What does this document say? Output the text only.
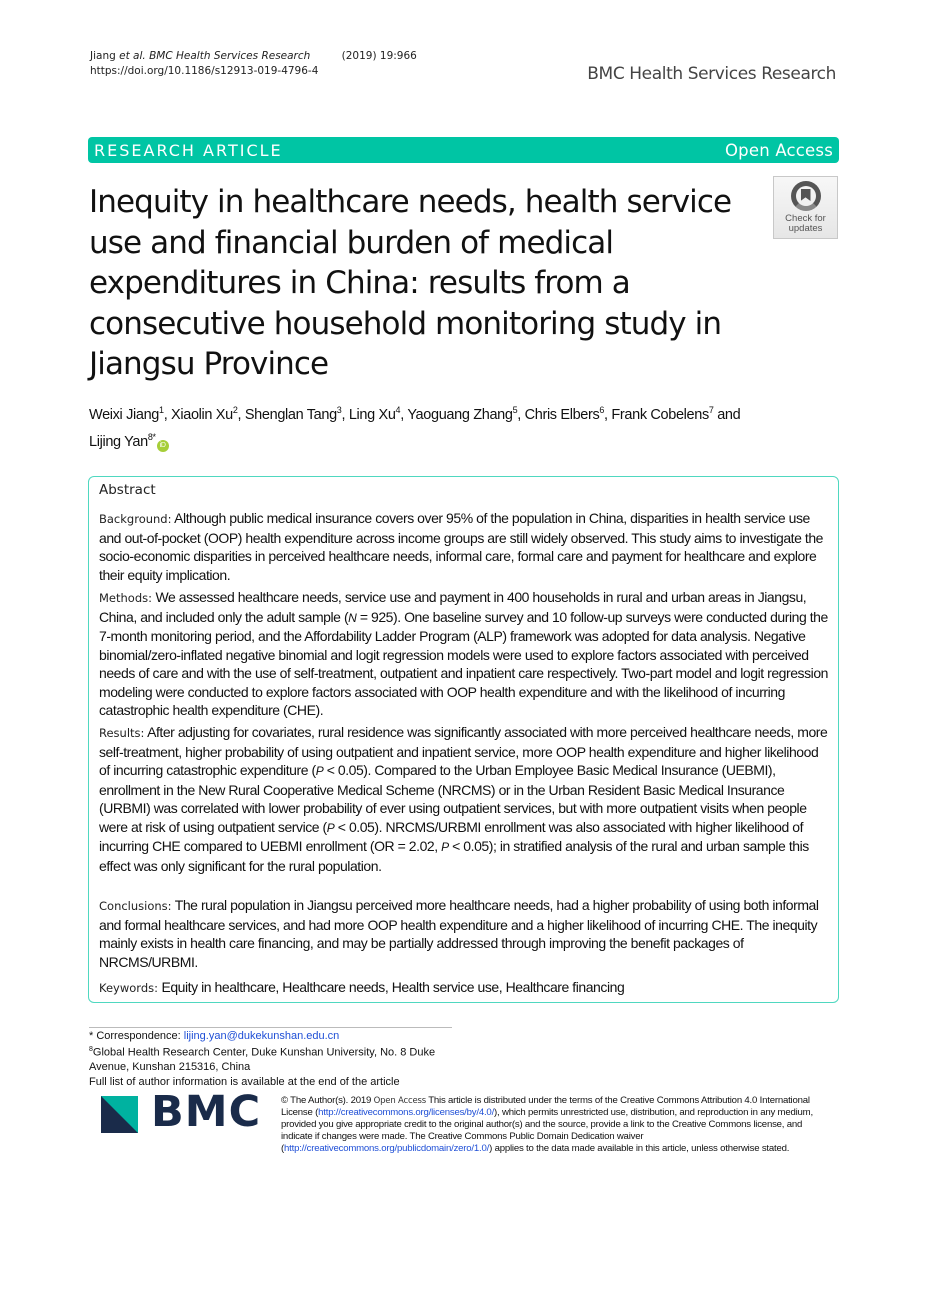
Jiang et al. BMC Health Services Research	(2019) 19:966
https://doi.org/10.1186/s12913-019-4796-4	BMC Health Services Research
RESEARCH ARTICLE	Open Access
Inequity in healthcare needs, health service use and financial burden of medical expenditures in China: results from a consecutive household monitoring study in Jiangsu Province
Check for
updates
Weixi Jiang$^1$, Xiaolin Xu$^2$, Shenglan Tang$^3$, Ling Xu$^4$, Yaoguang Zhang$^5$, Chris Elbers$^6$, Frank Cobelens$^7$ and
Lijing Yan$^{8*}$iD
Abstract
Background: Although public medical insurance covers over 95% of the population in China, disparities in health service use and out-of-pocket (OOP) health expenditure across income groups are still widely observed. This study aims to investigate the socio-economic disparities in perceived healthcare needs, informal care, formal care and payment for healthcare and explore their equity implication.
Methods: We assessed healthcare needs, service use and payment in 400 households in rural and urban areas in Jiangsu, China, and included only the adult sample (N = 925). One baseline survey and 10 follow-up surveys were conducted during the 7-month monitoring period, and the Affordability Ladder Program (ALP) framework was adopted for data analysis. Negative binomial/zero-inflated negative binomial and logit regression models were used to explore factors associated with perceived needs of care and with the use of self-treatment, outpatient and inpatient care respectively. Two-part model and logit regression modeling were conducted to explore factors associated with OOP health expenditure and with the likelihood of incurring catastrophic health expenditure (CHE).
Results: After adjusting for covariates, rural residence was significantly associated with more perceived healthcare needs, more self-treatment, higher probability of using outpatient and inpatient service, more OOP health expenditure and higher likelihood of incurring catastrophic expenditure (P < 0.05). Compared to the Urban Employee Basic Medical Insurance (UEBMI), enrollment in the New Rural Cooperative Medical Scheme (NRCMS) or in the Urban Resident Basic Medical Insurance (URBMI) was correlated with lower probability of ever using outpatient services, but with more outpatient visits when people were at risk of using outpatient service (P < 0.05). NRCMS/URBMI enrollment was also associated with higher likelihood of incurring CHE compared to UEBMI enrollment (OR = 2.02, P < 0.05); in stratified analysis of the rural and urban sample this effect was only significant for the rural population.
Conclusions: The rural population in Jiangsu perceived more healthcare needs, had a higher probability of using both informal and formal healthcare services, and had more OOP health expenditure and a higher likelihood of incurring CHE. The inequity mainly exists in health care financing, and may be partially addressed through improving the benefit packages of NRCMS/URBMI.
Keywords: Equity in healthcare, Healthcare needs, Health service use, Healthcare financing
* Correspondence: lijing.yan@dukekunshan.edu.cn
$^8$Global Health Research Center, Duke Kunshan University, No. 8 Duke Avenue, Kunshan 215316, China
Full list of author information is available at the end of the article
BMC © The Author(s). 2019 Open Access This article is distributed under the terms of the Creative Commons Attribution 4.0 International License (http://creativecommons.org/licenses/by/4.0/), which permits unrestricted use, distribution, and reproduction in any medium, provided you give appropriate credit to the original author(s) and the source, provide a link to the Creative Commons license, and indicate if changes were made. The Creative Commons Public Domain Dedication waiver (http://creativecommons.org/publicdomain/zero/1.0/) applies to the data made available in this article, unless otherwise stated.
